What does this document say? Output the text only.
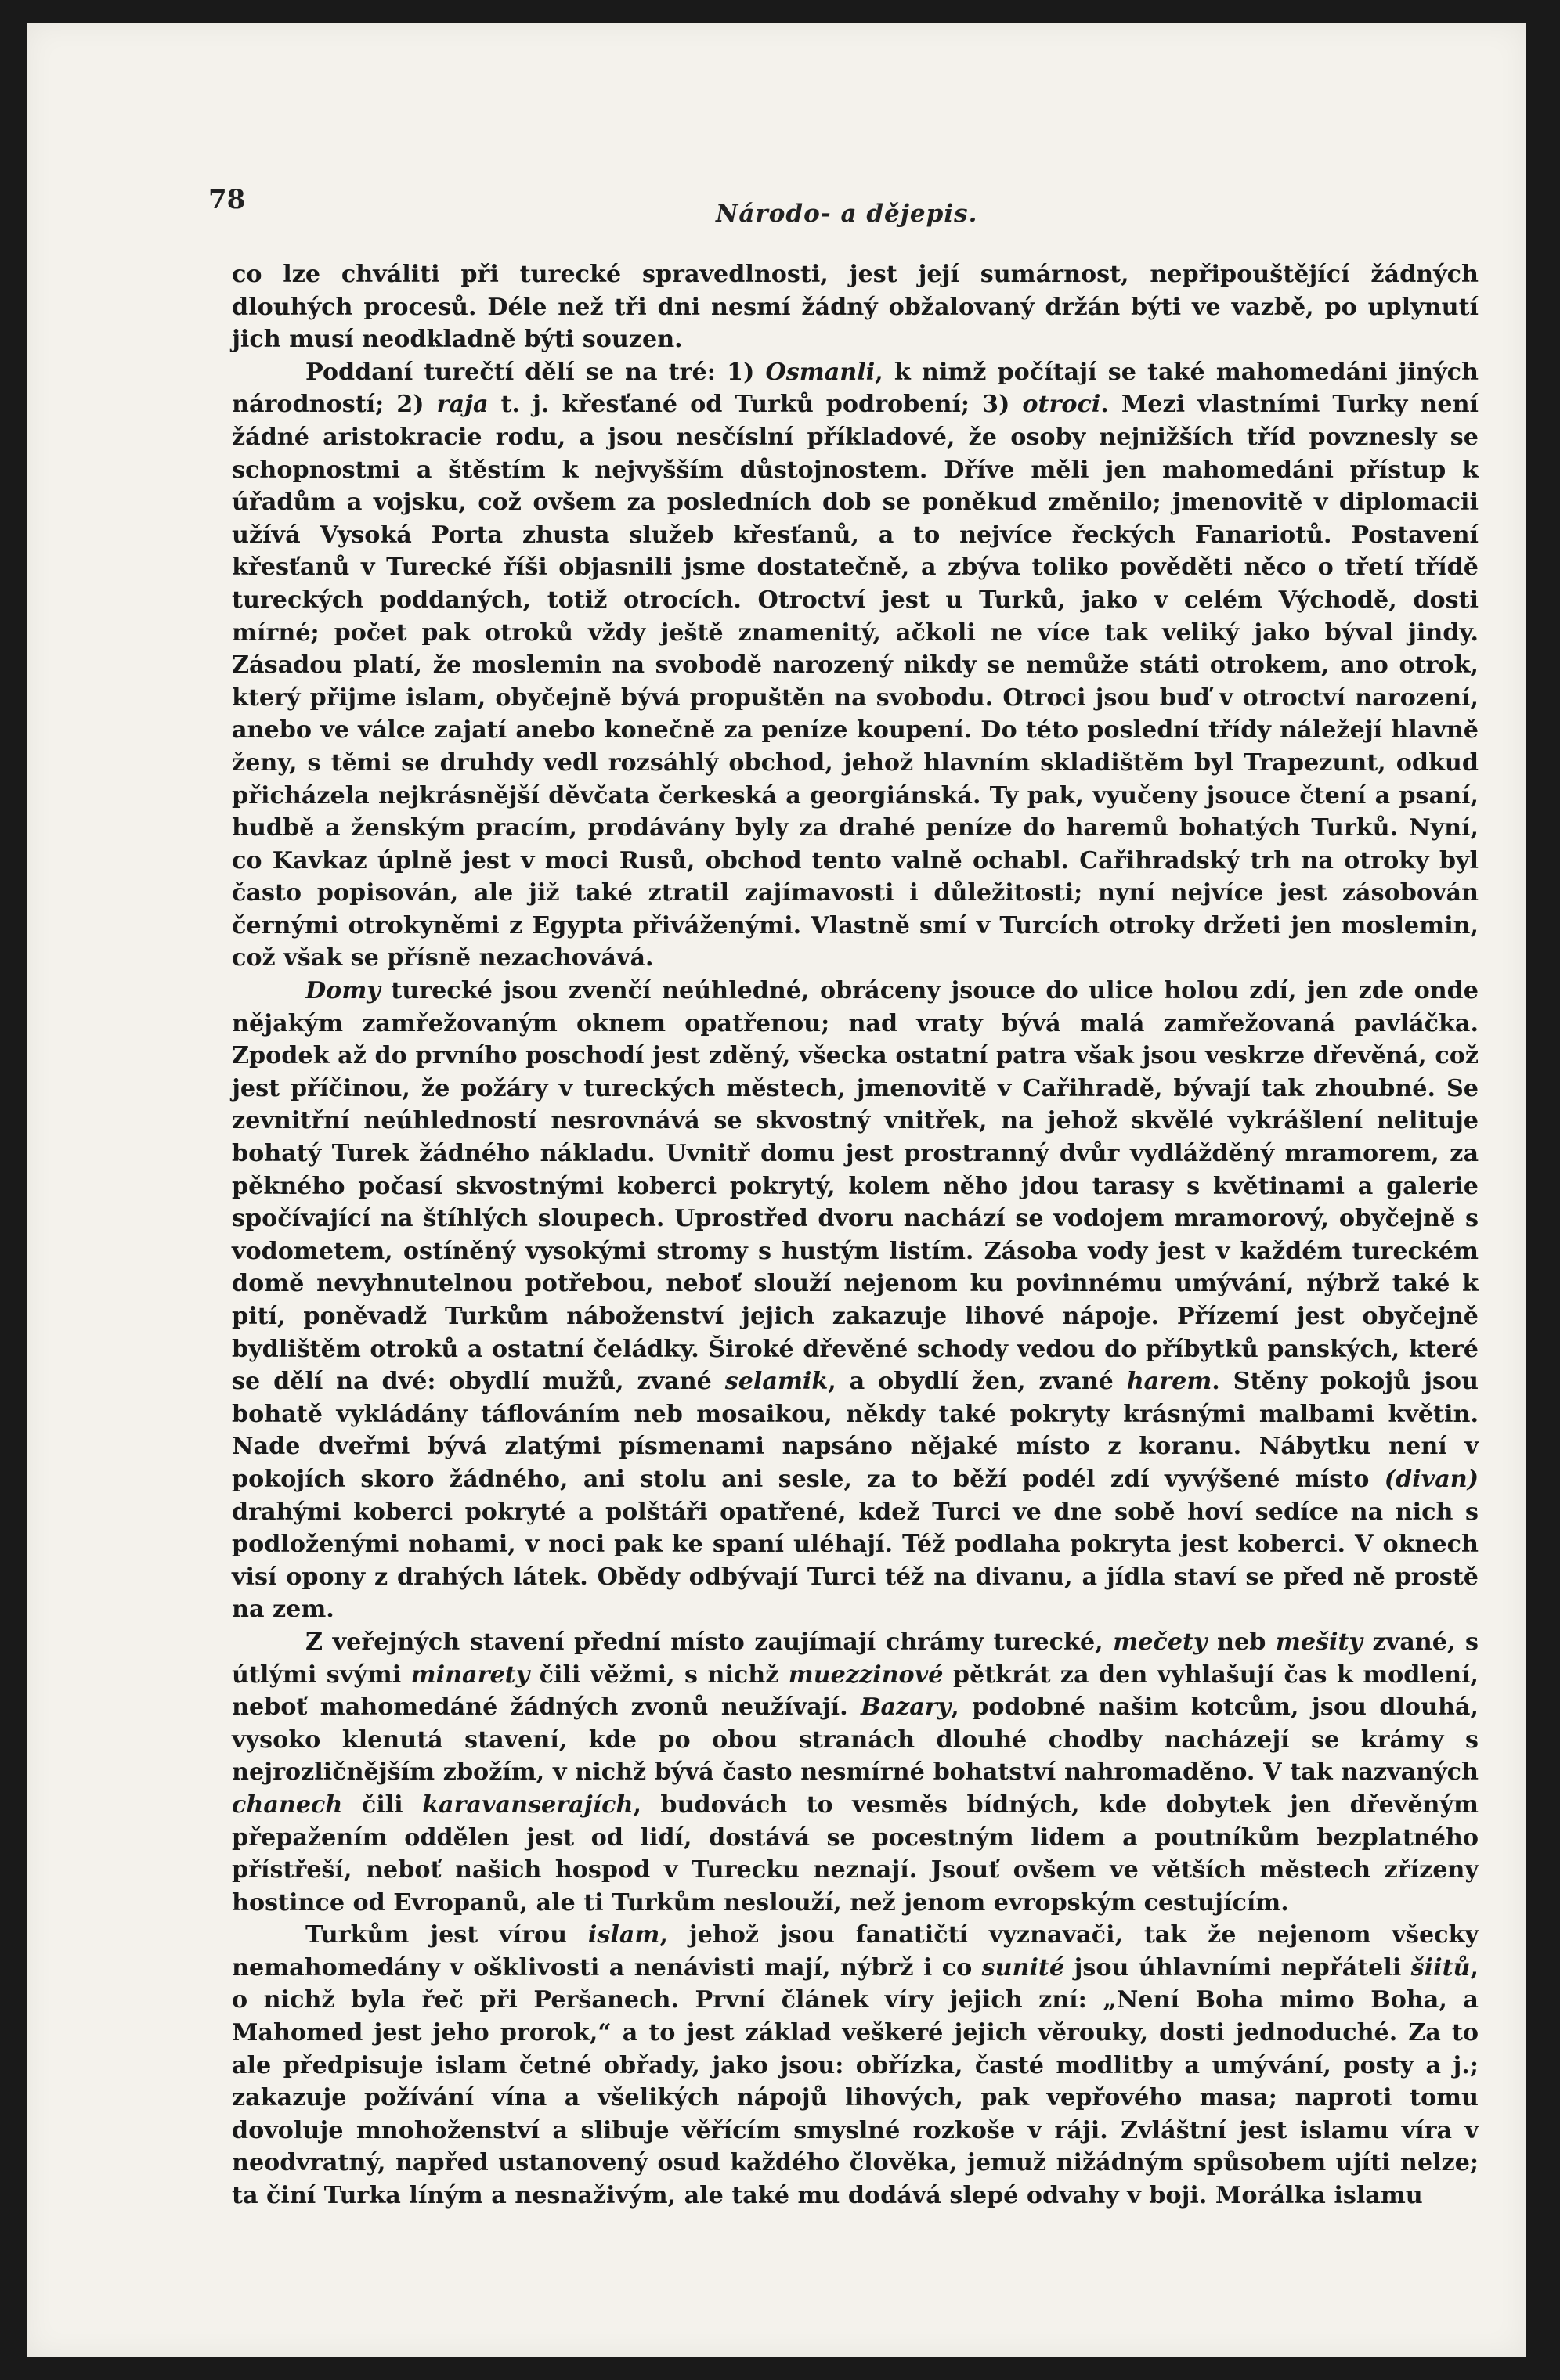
78	Národo- a dějepis.

co lze chváliti při turecké spravedlnosti, jest její sumárnost, nepřipouštějící žádných dlouhých procesů. Déle než tři dni nesmí žádný obžalovaný držán býti ve vazbě, po uplynutí jich musí neodkladně býti souzen.

Poddaní turečtí dělí se na tré: 1) Osmanli, k nimž počítají se také mahomedáni jiných národností; 2) raja t. j. křesťané od Turků podrobení; 3) otroci. Mezi vlastními Turky není žádné aristokracie rodu, a jsou nesčíslní příkladové, že osoby nejnižších tříd povznesly se schopnostmi a štěstím k nejvyšším důstojnostem. Dříve měli jen mahomedáni přístup k úřadům a vojsku, což ovšem za posledních dob se poněkud změnilo; jmenovitě v diplomacii užívá Vysoká Porta zhusta služeb křesťanů, a to nejvíce řeckých Fanariotů. Postavení křesťanů v Turecké říši objasnili jsme dostatečně, a zbýva toliko pověděti něco o třetí třídě tureckých poddaných, totiž otrocích. Otroctví jest u Turků, jako v celém Východě, dosti mírné; počet pak otroků vždy ještě znamenitý, ačkoli ne více tak veliký jako býval jindy. Zásadou platí, že moslemin na svobodě narozený nikdy se nemůže státi otrokem, ano otrok, který přijme islam, obyčejně bývá propuštěn na svobodu. Otroci jsou buď v otroctví narození, anebo ve válce zajatí anebo konečně za peníze koupení. Do této poslední třídy náležejí hlavně ženy, s těmi se druhdy vedl rozsáhlý obchod, jehož hlavním skladištěm byl Trapezunt, odkud přicházela nejkrásnější děvčata čerkeská a georgiánská. Ty pak, vyučeny jsouce čtení a psaní, hudbě a ženským pracím, prodávány byly za drahé peníze do haremů bohatých Turků. Nyní, co Kavkaz úplně jest v moci Rusů, obchod tento valně ochabl. Cařihradský trh na otroky byl často popisován, ale již také ztratil zajímavosti i důležitosti; nyní nejvíce jest zásobován černými otrokyněmi z Egypta přiváženými. Vlastně smí v Turcích otroky držeti jen moslemin, což však se přísně nezachovává.

Domy turecké jsou zvenčí neúhledné, obráceny jsouce do ulice holou zdí, jen zde onde nějakým zamřežovaným oknem opatřenou; nad vraty bývá malá zamřežovaná pavláčka. Zpodek až do prvního poschodí jest zděný, všecka ostatní patra však jsou veskrze dřevěná, což jest příčinou, že požáry v tureckých městech, jmenovitě v Cařihradě, bývají tak zhoubné. Se zevnitřní neúhledností nesrovnává se skvostný vnitřek, na jehož skvělé vykrášlení nelituje bohatý Turek žádného nákladu. Uvnitř domu jest prostranný dvůr vydlážděný mramorem, za pěkného počasí skvostnými koberci pokrytý, kolem něho jdou tarasy s květinami a galerie spočívající na štíhlých sloupech. Uprostřed dvoru nachází se vodojem mramorový, obyčejně s vodometem, ostíněný vysokými stromy s hustým listím. Zásoba vody jest v každém tureckém domě nevyhnutelnou potřebou, neboť slouží nejenom ku povinnému umývání, nýbrž také k pití, poněvadž Turkům náboženství jejich zakazuje lihové nápoje. Přízemí jest obyčejně bydlištěm otroků a ostatní čeládky. Široké dřevěné schody vedou do příbytků panských, které se dělí na dvé: obydlí mužů, zvané selamik, a obydlí žen, zvané harem. Stěny pokojů jsou bohatě vykládány táflováním neb mosaikou, někdy také pokryty krásnými malbami květin. Nade dveřmi bývá zlatými písmenami napsáno nějaké místo z koranu. Nábytku není v pokojích skoro žádného, ani stolu ani sesle, za to běží podél zdí vyvýšené místo (divan) drahými koberci pokryté a polštáři opatřené, kdež Turci ve dne sobě hoví sedíce na nich s podloženými nohami, v noci pak ke spaní uléhají. Též podlaha pokryta jest koberci. V oknech visí opony z drahých látek. Obědy odbývají Turci též na divanu, a jídla staví se před ně prostě na zem.

Z veřejných stavení přední místo zaujímají chrámy turecké, mečety neb mešity zvané, s útlými svými minarety čili věžmi, s nichž muezzinové pětkrát za den vyhlašují čas k modlení, neboť mahomedáné žádných zvonů neužívají. Bazary, podobné našim kotcům, jsou dlouhá, vysoko klenutá stavení, kde po obou stranách dlouhé chodby nacházejí se krámy s nejrozličnějším zbožím, v nichž bývá často nesmírné bohatství nahromaděno. V tak nazvaných chanech čili karavanserajích, budovách to vesměs bídných, kde dobytek jen dřevěným přepažením oddělen jest od lidí, dostává se pocestným lidem a poutníkům bezplatného přístřeší, neboť našich hospod v Turecku neznají. Jsouť ovšem ve větších městech zřízeny hostince od Evropanů, ale ti Turkům neslouží, než jenom evropským cestujícím.

Turkům jest vírou islam, jehož jsou fanatičtí vyznavači, tak že nejenom všecky nemahomedány v ošklivosti a nenávisti mají, nýbrž i co sunité jsou úhlavními nepřáteli šiitů, o nichž byla řeč při Peršanech. První článek víry jejich zní: „Není Boha mimo Boha, a Mahomed jest jeho prorok,“ a to jest základ veškeré jejich věrouky, dosti jednoduché. Za to ale předpisuje islam četné obřady, jako jsou: obřízka, časté modlitby a umývání, posty a j.; zakazuje požívání vína a všelikých nápojů lihových, pak vepřového masa; naproti tomu dovoluje mnohoženství a slibuje věřícím smyslné rozkoše v ráji. Zvláštní jest islamu víra v neodvratný, napřed ustanovený osud každého člověka, jemuž nižádným spůsobem ujíti nelze; ta činí Turka líným a nesnaživým, ale také mu dodává slepé odvahy v boji. Morálka islamu
